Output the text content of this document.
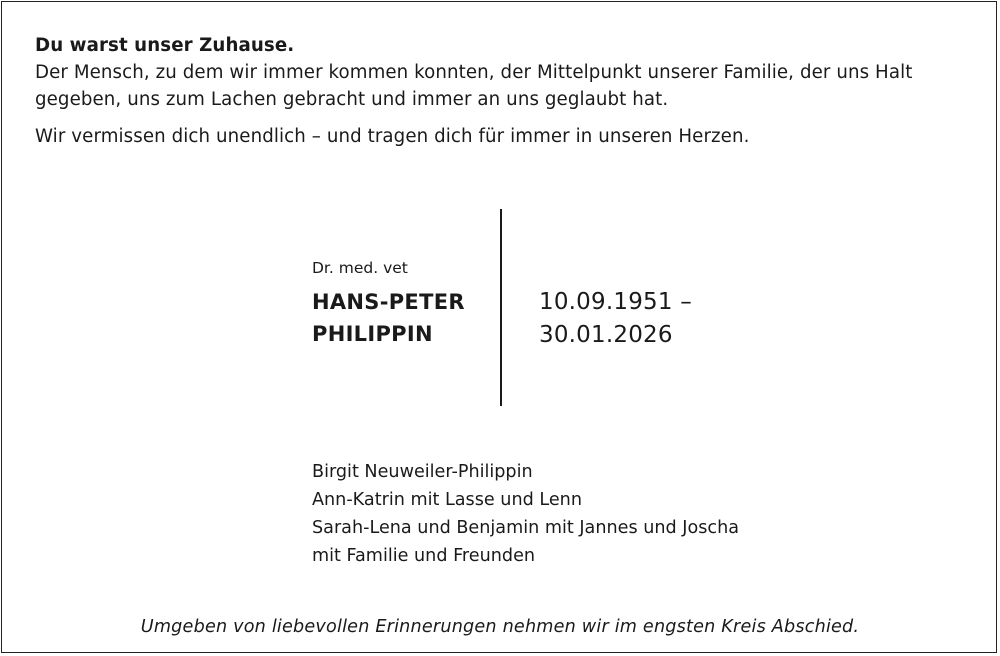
Du warst unser Zuhause.
Der Mensch, zu dem wir immer kommen konnten, der Mittelpunkt unserer Familie, der uns Halt gegeben, uns zum Lachen gebracht und immer an uns geglaubt hat.

Wir vermissen dich unendlich – und tragen dich für immer in unseren Herzen.

Dr. med. vet
HANS-PETER
PHILIPPIN
10.09.1951 –
30.01.2026
Birgit Neuweiler-Philippin
Ann-Katrin mit Lasse und Lenn
Sarah-Lena und Benjamin mit Jannes und Joscha
mit Familie und Freunden
Umgeben von liebevollen Erinnerungen nehmen wir im engsten Kreis Abschied.
